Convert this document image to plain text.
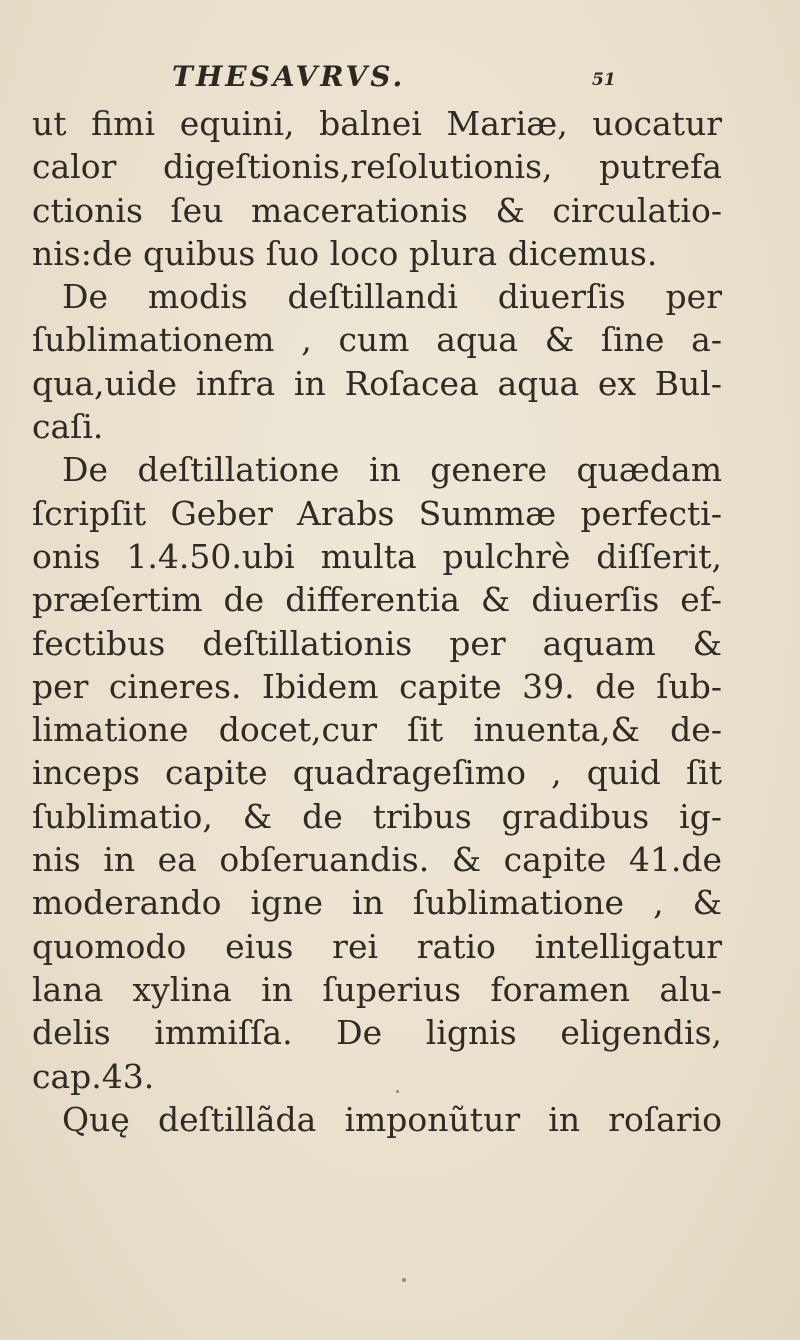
THESAVRVS.	51
ut fimi equini, balnei Mariæ, uocatur
calor digeſtionis,reſolutionis, putrefa
ctionis ſeu macerationis & circulatio-
nis:de quibus ſuo loco plura dicemus.
De modis deſtillandi diuerſis per
ſublimationem , cum aqua & ſine a-
qua,uide infra in Roſacea aqua ex Bul-
caſi.
De deſtillatione in genere quædam
ſcripſit Geber Arabs Summæ perfecti-
onis 1.4.50.ubi multa pulchrè diſſerit,
præſertim de differentia & diuerſis ef-
fectibus deſtillationis per aquam &
per cineres. Ibidem capite 39. de ſub-
limatione docet,cur ſit inuenta,& de-
inceps capite quadrageſimo , quid ſit
ſublimatio, & de tribus gradibus ig-
nis in ea obſeruandis. & capite 41.de
moderando igne in ſublimatione , &
quomodo eius rei ratio intelligatur
lana xylina in ſuperius foramen alu-
delis immiſſa. De lignis eligendis,
cap.43.
Quę deſtillãda imponũtur in roſario
